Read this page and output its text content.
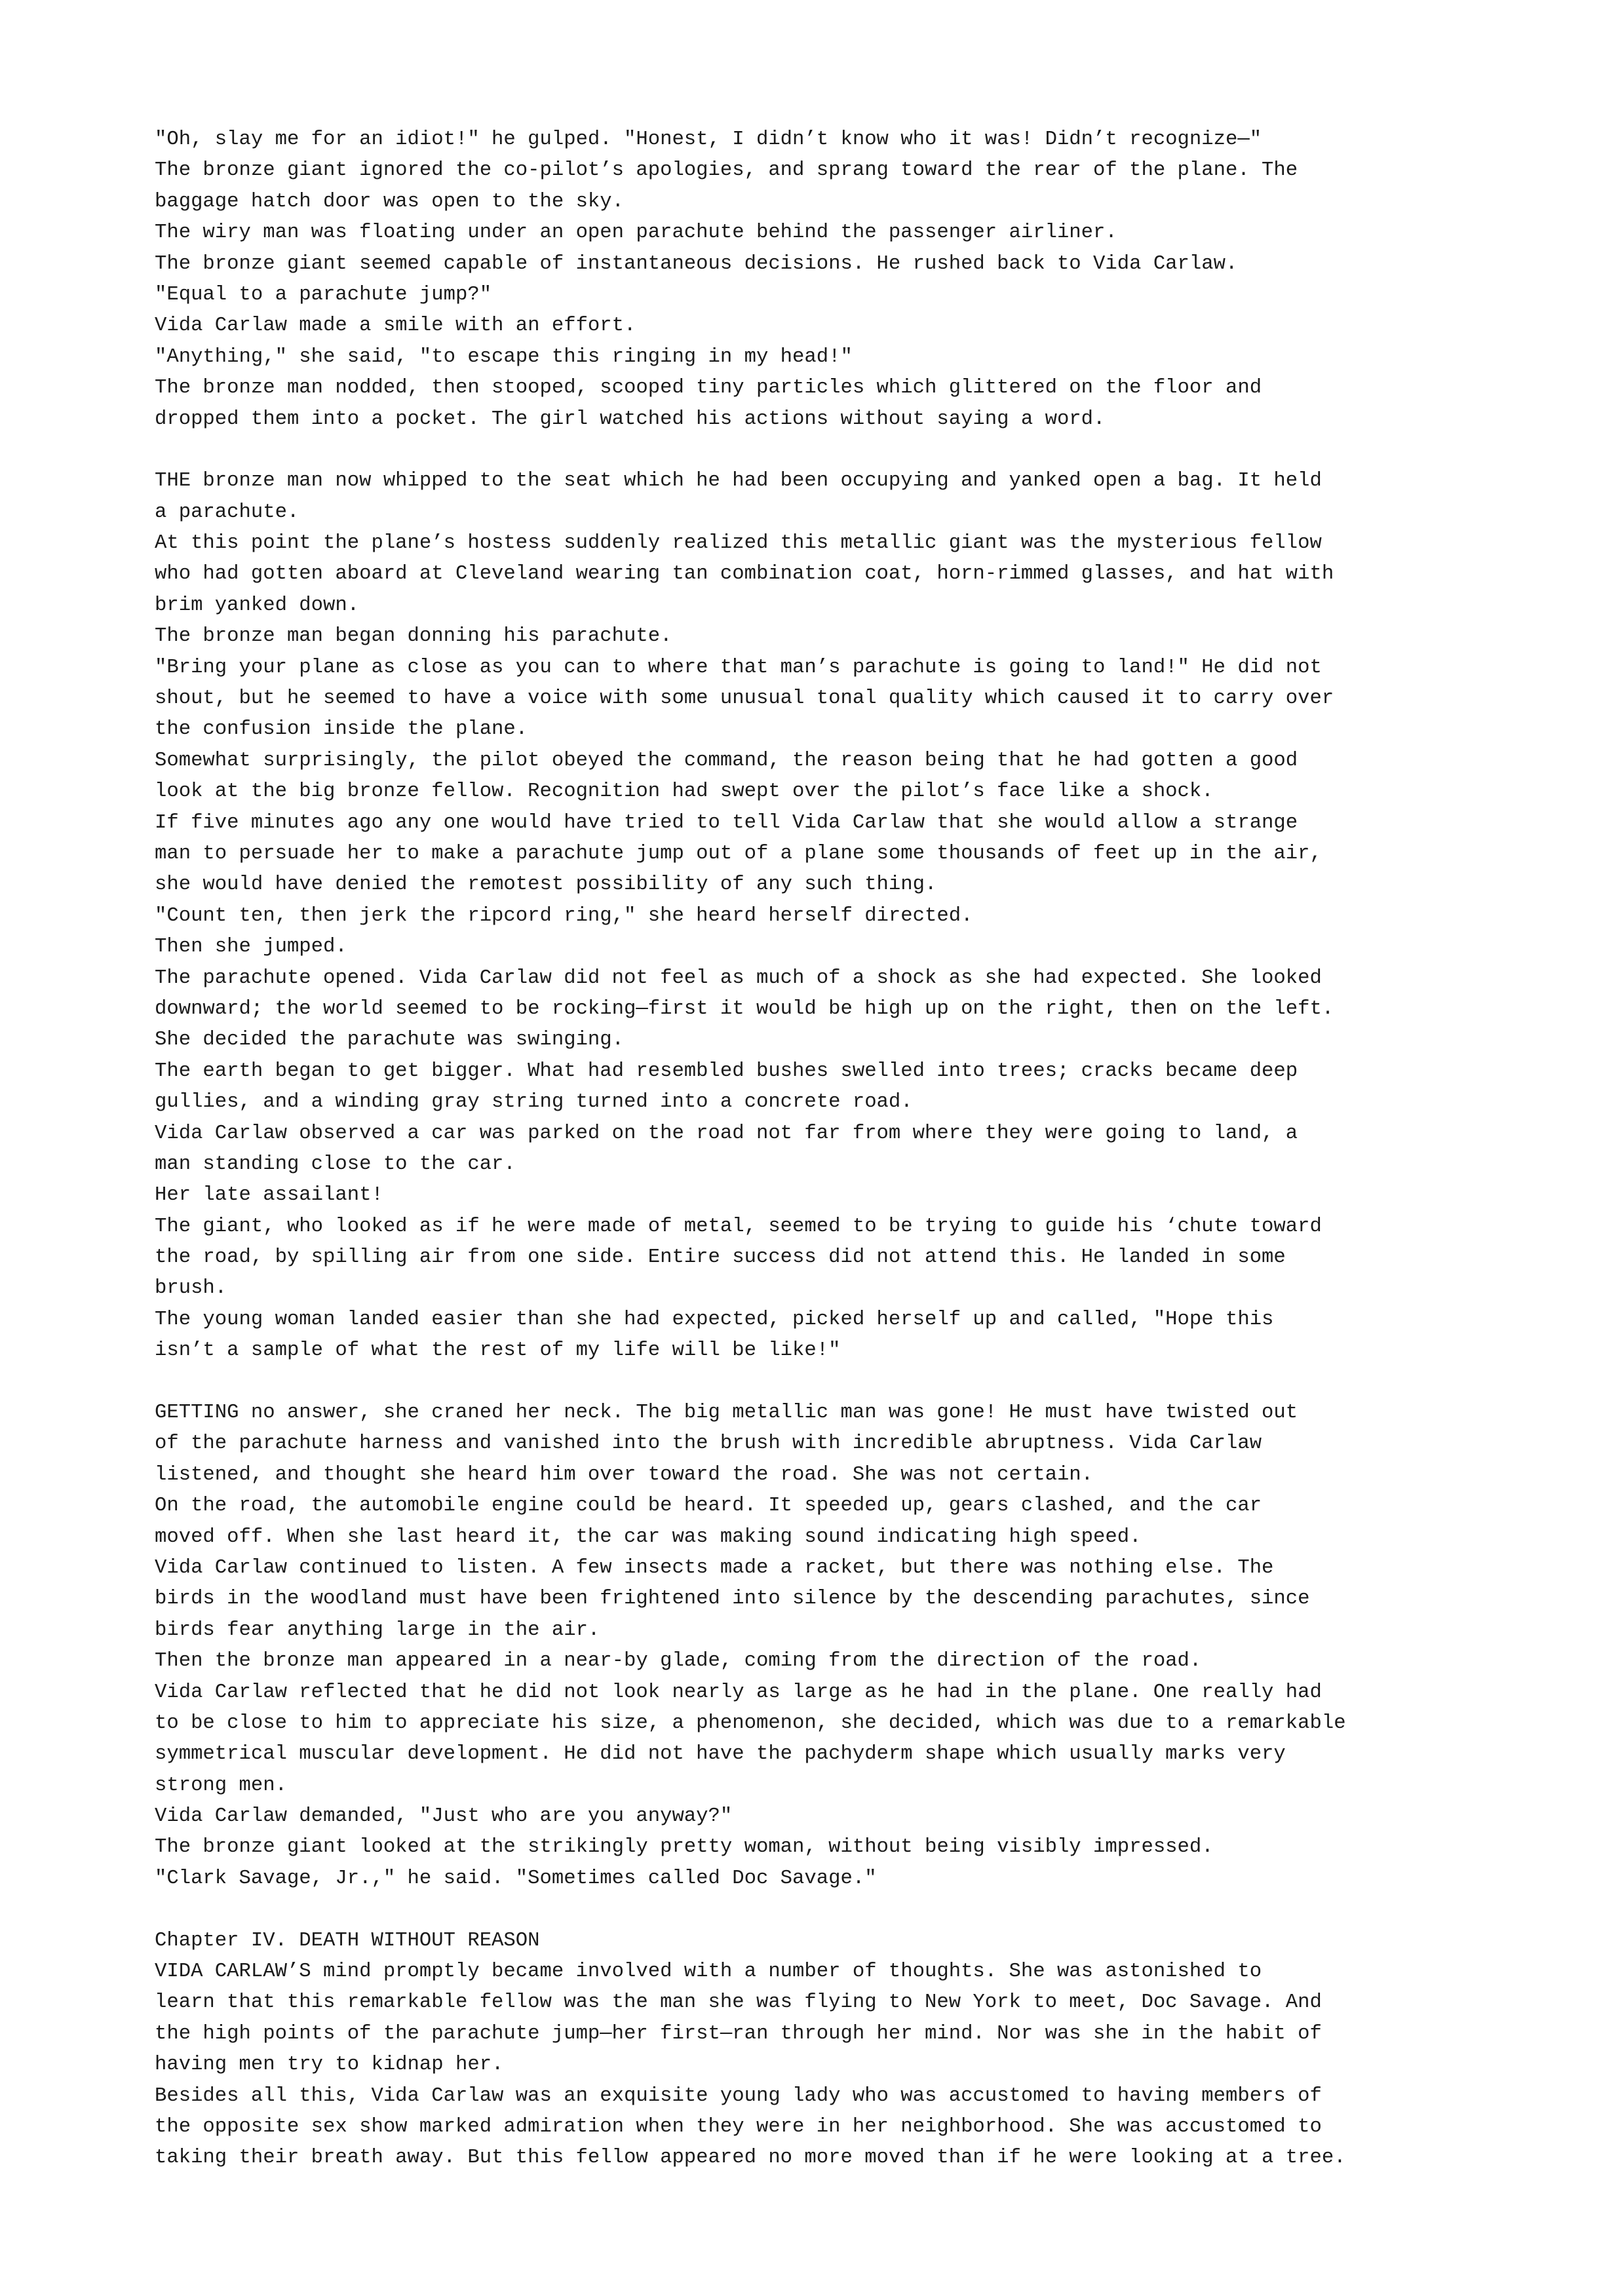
"Oh, slay me for an idiot!" he gulped. "Honest, I didn’t know who it was! Didn’t recognize—"
The bronze giant ignored the co-pilot’s apologies, and sprang toward the rear of the plane. The
baggage hatch door was open to the sky.
The wiry man was floating under an open parachute behind the passenger airliner.
The bronze giant seemed capable of instantaneous decisions. He rushed back to Vida Carlaw.
"Equal to a parachute jump?"
Vida Carlaw made a smile with an effort.
"Anything," she said, "to escape this ringing in my head!"
The bronze man nodded, then stooped, scooped tiny particles which glittered on the floor and
dropped them into a pocket. The girl watched his actions without saying a word.
THE bronze man now whipped to the seat which he had been occupying and yanked open a bag. It held
a parachute.
At this point the plane’s hostess suddenly realized this metallic giant was the mysterious fellow
who had gotten aboard at Cleveland wearing tan combination coat, horn-rimmed glasses, and hat with
brim yanked down.
The bronze man began donning his parachute.
"Bring your plane as close as you can to where that man’s parachute is going to land!" He did not
shout, but he seemed to have a voice with some unusual tonal quality which caused it to carry over
the confusion inside the plane.
Somewhat surprisingly, the pilot obeyed the command, the reason being that he had gotten a good
look at the big bronze fellow. Recognition had swept over the pilot’s face like a shock.
If five minutes ago any one would have tried to tell Vida Carlaw that she would allow a strange
man to persuade her to make a parachute jump out of a plane some thousands of feet up in the air,
she would have denied the remotest possibility of any such thing.
"Count ten, then jerk the ripcord ring," she heard herself directed.
Then she jumped.
The parachute opened. Vida Carlaw did not feel as much of a shock as she had expected. She looked
downward; the world seemed to be rocking—first it would be high up on the right, then on the left.
She decided the parachute was swinging.
The earth began to get bigger. What had resembled bushes swelled into trees; cracks became deep
gullies, and a winding gray string turned into a concrete road.
Vida Carlaw observed a car was parked on the road not far from where they were going to land, a
man standing close to the car.
Her late assailant!
The giant, who looked as if he were made of metal, seemed to be trying to guide his ‘chute toward
the road, by spilling air from one side. Entire success did not attend this. He landed in some
brush.
The young woman landed easier than she had expected, picked herself up and called, "Hope this
isn’t a sample of what the rest of my life will be like!"
GETTING no answer, she craned her neck. The big metallic man was gone! He must have twisted out
of the parachute harness and vanished into the brush with incredible abruptness. Vida Carlaw
listened, and thought she heard him over toward the road. She was not certain.
On the road, the automobile engine could be heard. It speeded up, gears clashed, and the car
moved off. When she last heard it, the car was making sound indicating high speed.
Vida Carlaw continued to listen. A few insects made a racket, but there was nothing else. The
birds in the woodland must have been frightened into silence by the descending parachutes, since
birds fear anything large in the air.
Then the bronze man appeared in a near-by glade, coming from the direction of the road.
Vida Carlaw reflected that he did not look nearly as large as he had in the plane. One really had
to be close to him to appreciate his size, a phenomenon, she decided, which was due to a remarkable
symmetrical muscular development. He did not have the pachyderm shape which usually marks very
strong men.
Vida Carlaw demanded, "Just who are you anyway?"
The bronze giant looked at the strikingly pretty woman, without being visibly impressed.
"Clark Savage, Jr.," he said. "Sometimes called Doc Savage."
Chapter IV. DEATH WITHOUT REASON
VIDA CARLAW’S mind promptly became involved with a number of thoughts. She was astonished to
learn that this remarkable fellow was the man she was flying to New York to meet, Doc Savage. And
the high points of the parachute jump—her first—ran through her mind. Nor was she in the habit of
having men try to kidnap her.
Besides all this, Vida Carlaw was an exquisite young lady who was accustomed to having members of
the opposite sex show marked admiration when they were in her neighborhood. She was accustomed to
taking their breath away. But this fellow appeared no more moved than if he were looking at a tree.
